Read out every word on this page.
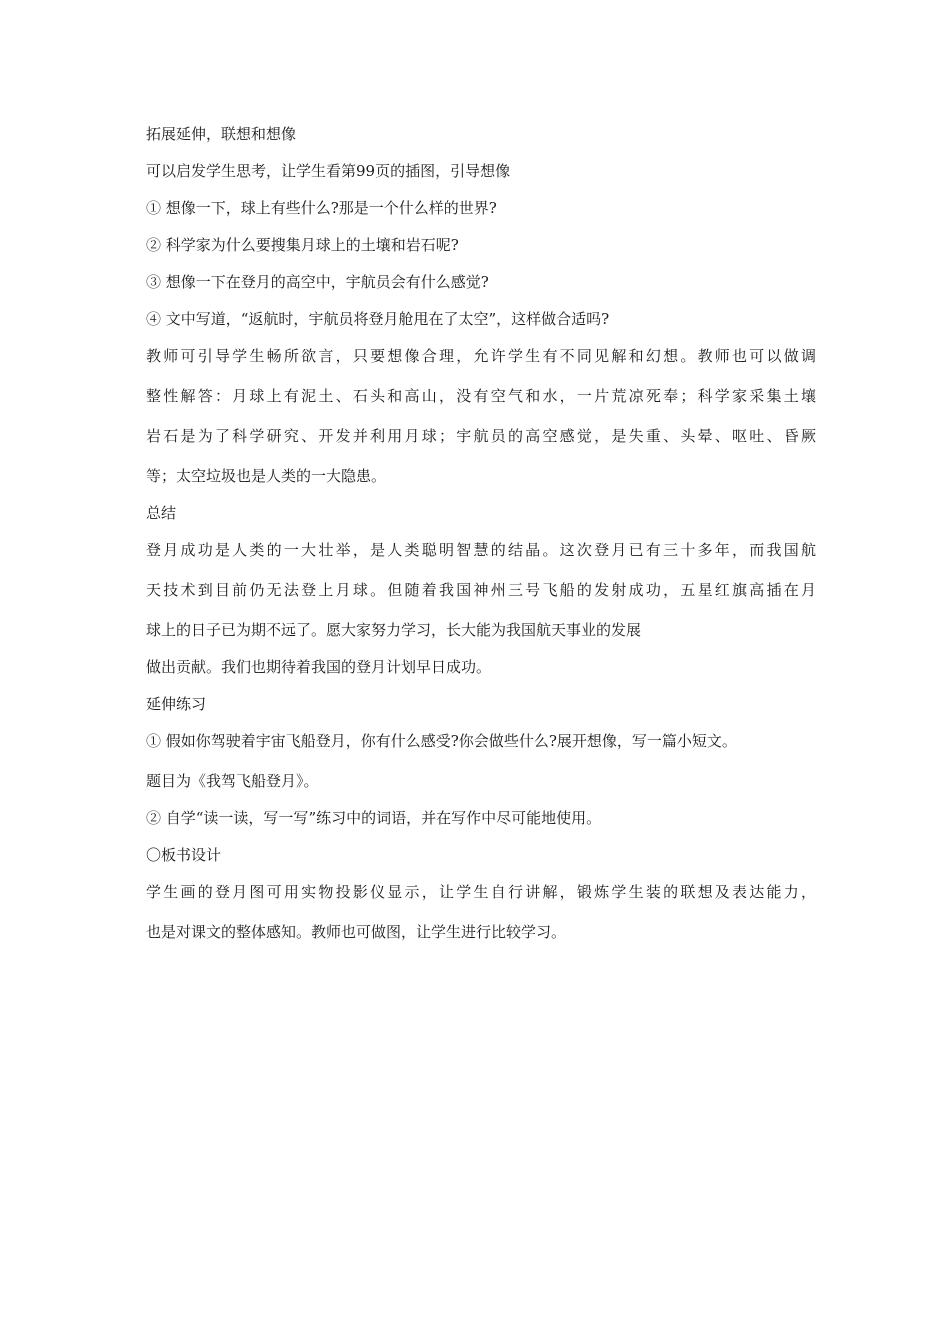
拓展延伸，联想和想像

可以启发学生思考，让学生看第99页的插图，引导想像

① 想像一下，球上有些什么?那是一个什么样的世界?

② 科学家为什么要搜集月球上的土壤和岩石呢?

③ 想像一下在登月的高空中，宇航员会有什么感觉?

④ 文中写道，“返航时，宇航员将登月舱甩在了太空”，这样做合适吗?

教师可引导学生畅所欲言，只要想像合理，允许学生有不同见解和幻想。教师也可以做调

整性解答：月球上有泥土、石头和高山，没有空气和水，一片荒凉死奉；科学家采集土壤

岩石是为了科学研究、开发并利用月球；宇航员的高空感觉，是失重、头晕、呕吐、昏厥

等；太空垃圾也是人类的一大隐患。

总结

登月成功是人类的一大壮举，是人类聪明智慧的结晶。这次登月已有三十多年，而我国航

天技术到目前仍无法登上月球。但随着我国神州三号飞船的发射成功，五星红旗高插在月

球上的日子已为期不远了。愿大家努力学习，长大能为我国航天事业的发展

做出贡献。我们也期待着我国的登月计划早日成功。

延伸练习

① 假如你驾驶着宇宙飞船登月，你有什么感受?你会做些什么?展开想像，写一篇小短文。

题目为《我驾飞船登月》。

② 自学“读一读，写一写”练习中的词语，并在写作中尽可能地使用。

〇板书设计

学生画的登月图可用实物投影仪显示，让学生自行讲解，锻炼学生装的联想及表达能力，

也是对课文的整体感知。教师也可做图，让学生进行比较学习。
